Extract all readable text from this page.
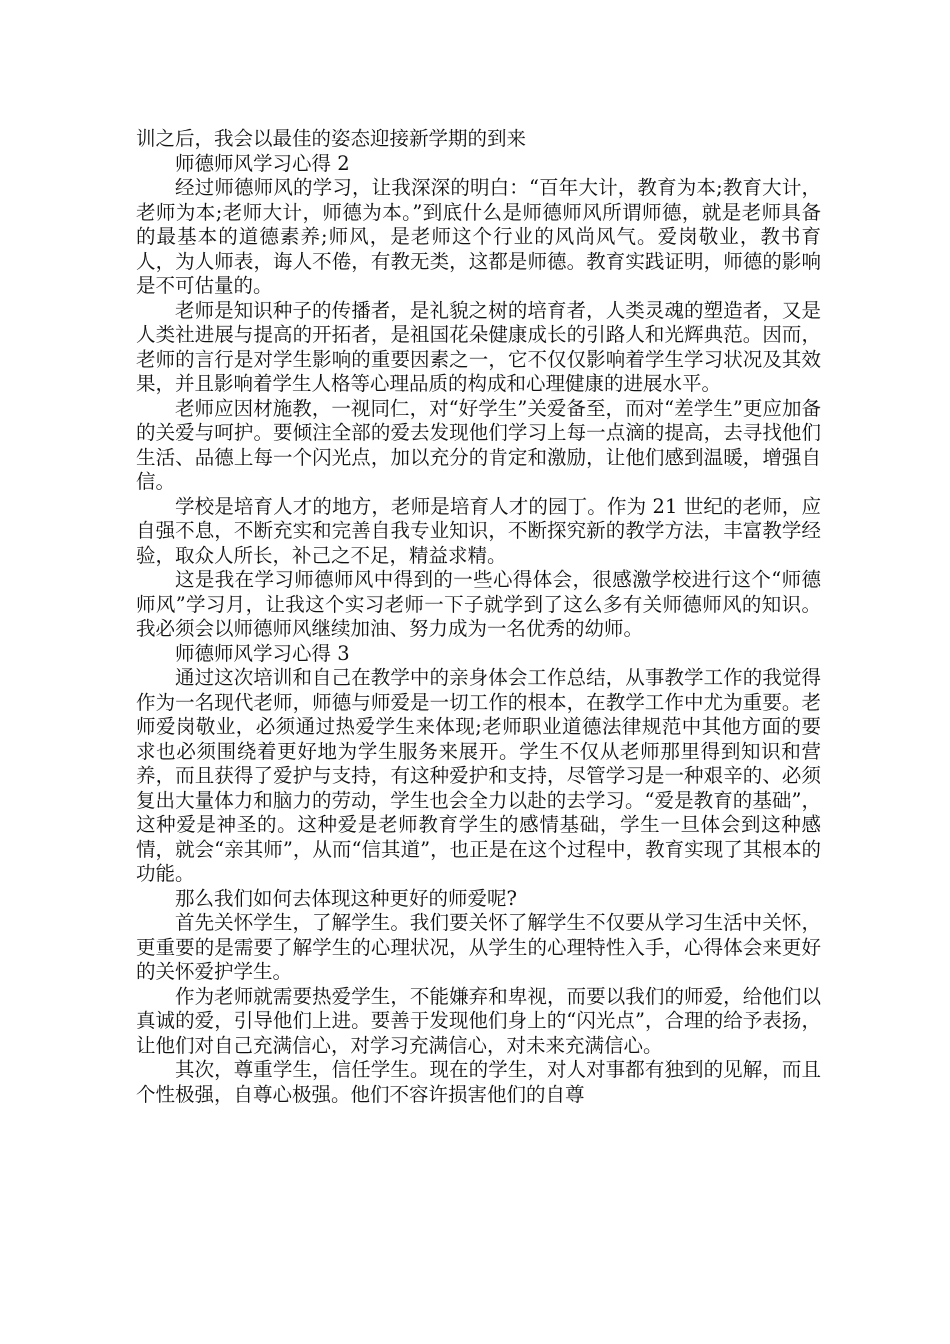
训之后，我会以最佳的姿态迎接新学期的到来

师德师风学习心得 2

经过师德师风的学习，让我深深的明白：“百年大计，教育为本;教育大计，老师为本;老师大计，师德为本。”到底什么是师德师风所谓师德，就是老师具备的最基本的道德素养;师风，是老师这个行业的风尚风气。爱岗敬业，教书育人，为人师表，诲人不倦，有教无类，这都是师德。教育实践证明，师德的影响是不可估量的。

老师是知识种子的传播者，是礼貌之树的培育者，人类灵魂的塑造者，又是人类社进展与提高的开拓者，是祖国花朵健康成长的引路人和光辉典范。因而，老师的言行是对学生影响的重要因素之一，它不仅仅影响着学生学习状况及其效果，并且影响着学生人格等心理品质的构成和心理健康的进展水平。

老师应因材施教，一视同仁，对“好学生”关爱备至，而对“差学生”更应加备的关爱与呵护。要倾注全部的爱去发现他们学习上每一点滴的提高，去寻找他们生活、品德上每一个闪光点，加以充分的肯定和激励，让他们感到温暖，增强自信。

学校是培育人才的地方，老师是培育人才的园丁。作为 21 世纪的老师，应自强不息，不断充实和完善自我专业知识，不断探究新的教学方法，丰富教学经验，取众人所长，补己之不足，精益求精。

这是我在学习师德师风中得到的一些心得体会，很感激学校进行这个“师德师风”学习月，让我这个实习老师一下子就学到了这么多有关师德师风的知识。我必须会以师德师风继续加油、努力成为一名优秀的幼师。

师德师风学习心得 3

通过这次培训和自己在教学中的亲身体会工作总结，从事教学工作的我觉得作为一名现代老师，师德与师爱是一切工作的根本，在教学工作中尤为重要。老师爱岗敬业，必须通过热爱学生来体现;老师职业道德法律规范中其他方面的要求也必须围绕着更好地为学生服务来展开。学生不仅从老师那里得到知识和营养，而且获得了爱护与支持，有这种爱护和支持，尽管学习是一种艰辛的、必须复出大量体力和脑力的劳动，学生也会全力以赴的去学习。“爱是教育的基础”，这种爱是神圣的。这种爱是老师教育学生的感情基础，学生一旦体会到这种感情，就会“亲其师”，从而“信其道”，也正是在这个过程中，教育实现了其根本的功能。

那么我们如何去体现这种更好的师爱呢?

首先关怀学生，了解学生。我们要关怀了解学生不仅要从学习生活中关怀，更重要的是需要了解学生的心理状况，从学生的心理特性入手，心得体会来更好的关怀爱护学生。

作为老师就需要热爱学生，不能嫌弃和卑视，而要以我们的师爱，给他们以真诚的爱，引导他们上进。要善于发现他们身上的“闪光点”，合理的给予表扬，让他们对自己充满信心，对学习充满信心，对未来充满信心。

其次，尊重学生，信任学生。现在的学生，对人对事都有独到的见解，而且个性极强，自尊心极强。他们不容许损害他们的自尊
